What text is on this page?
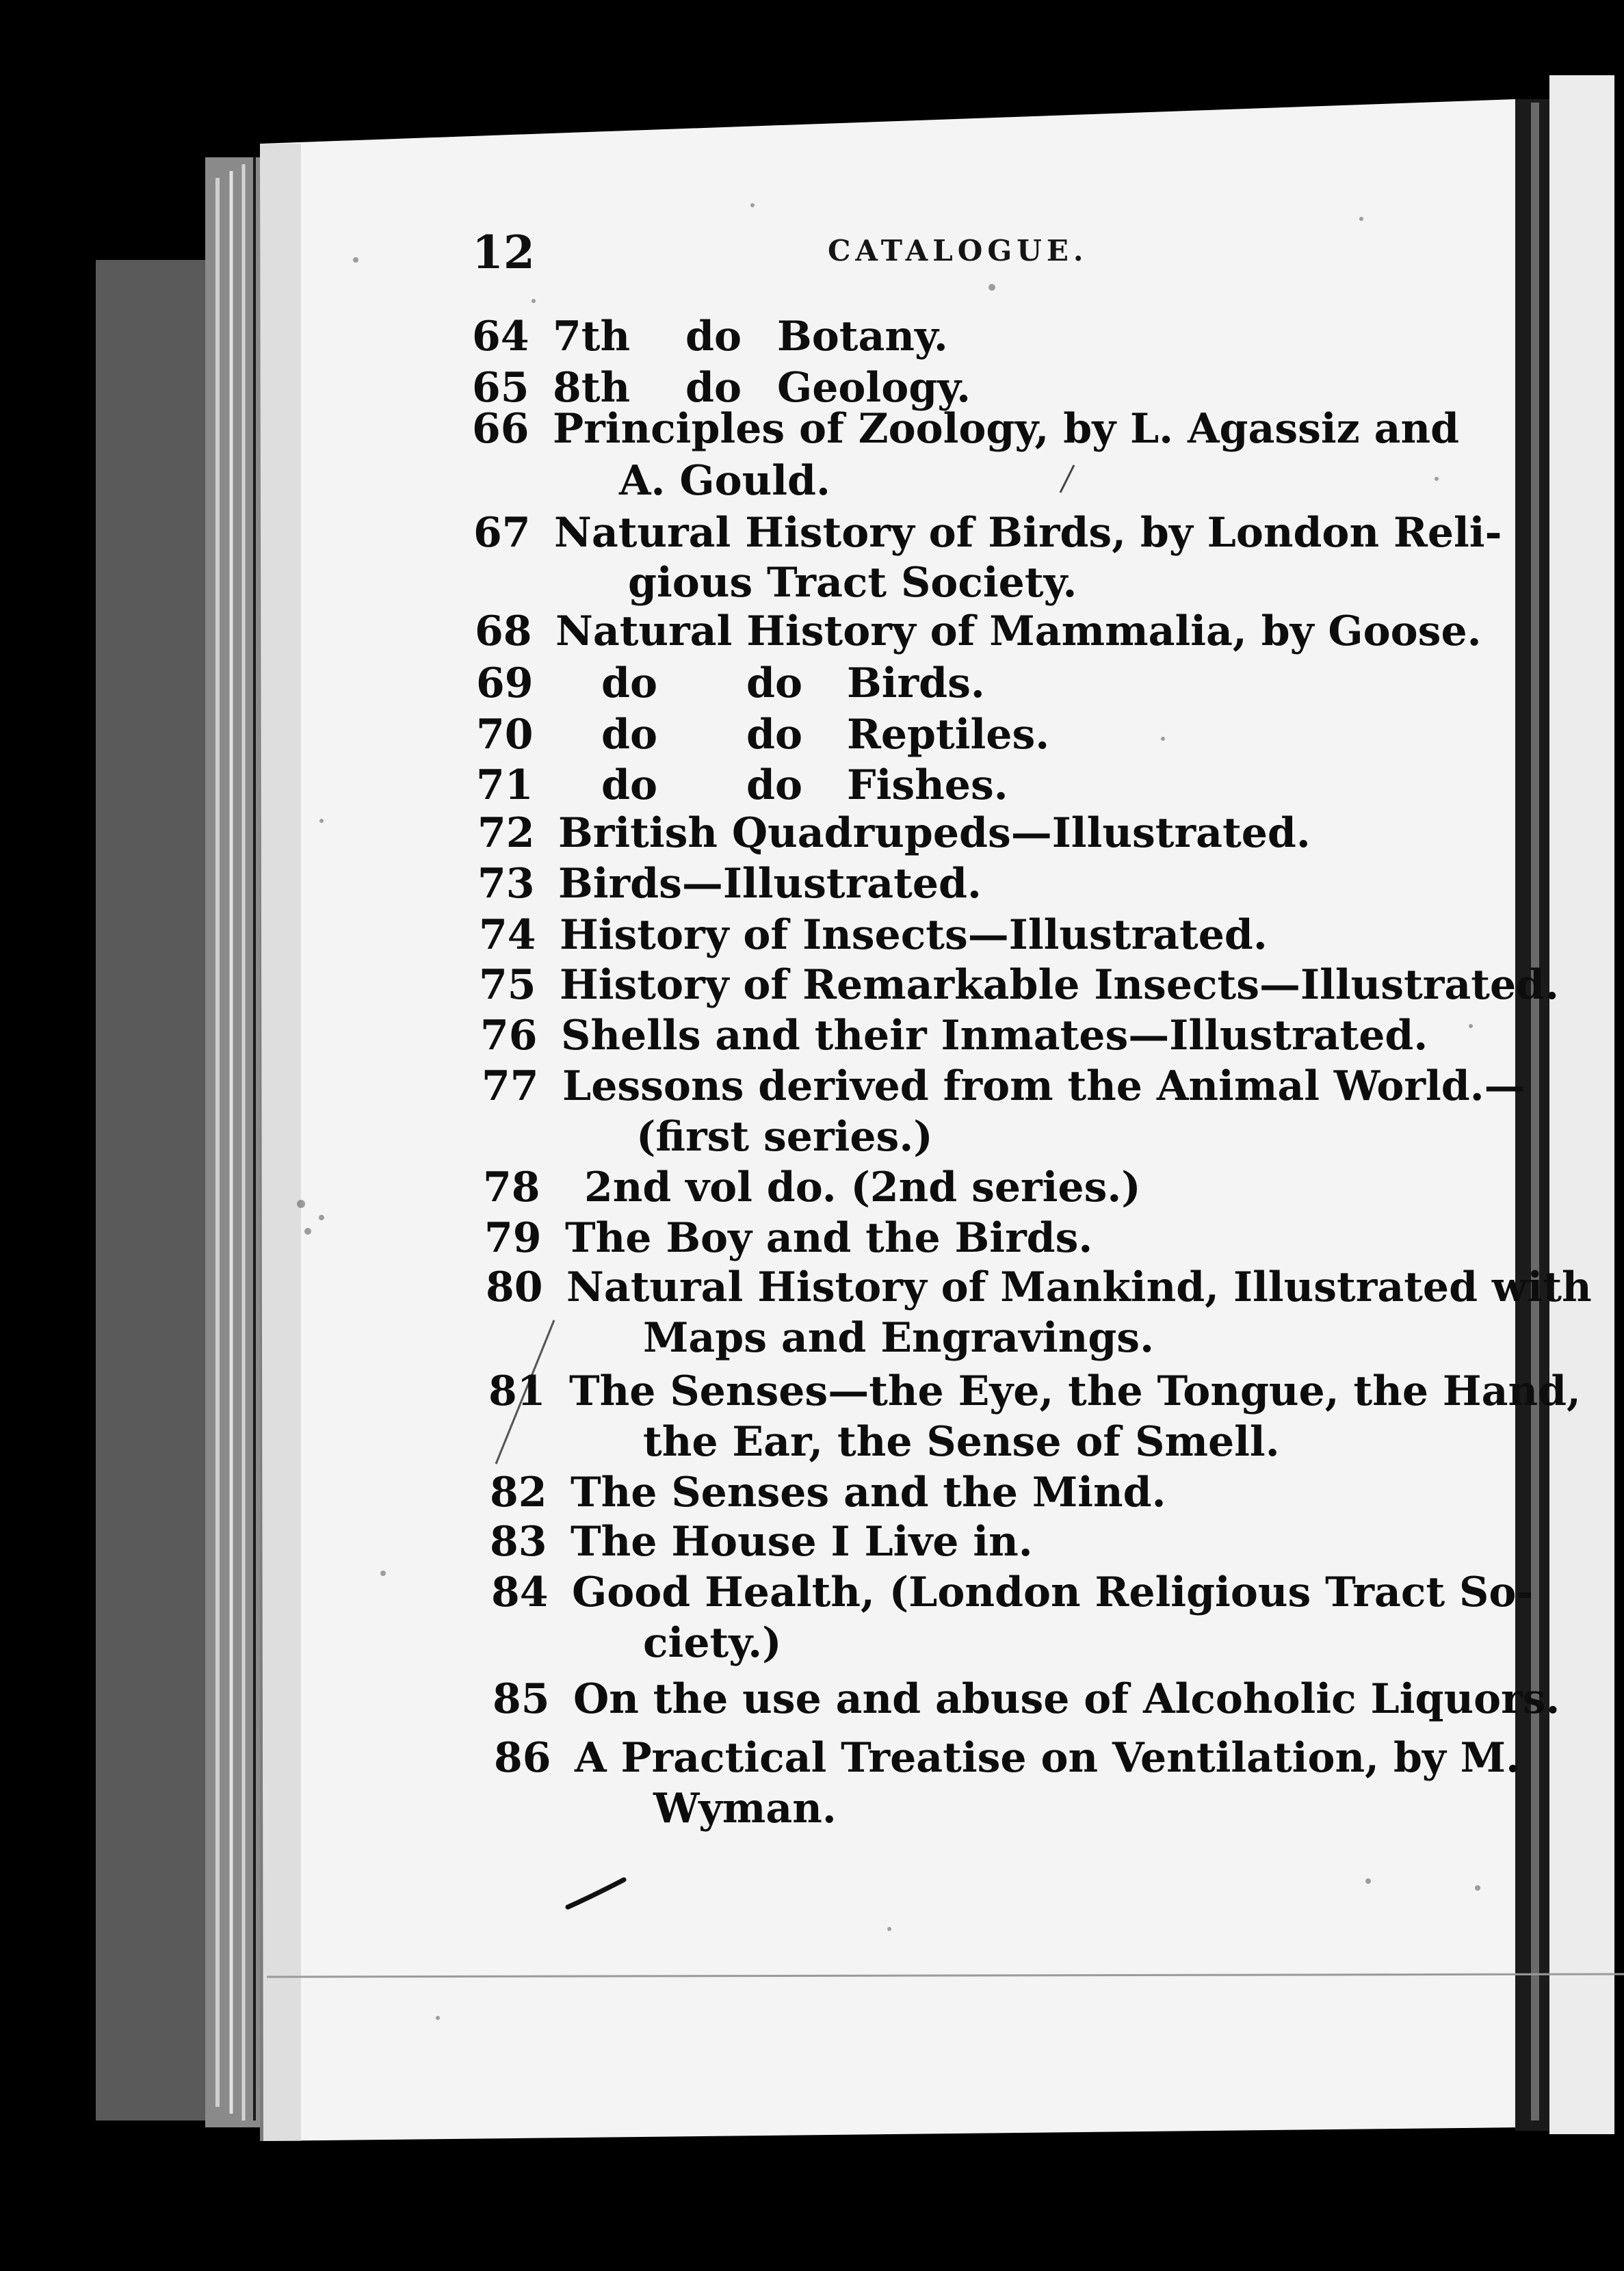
12	CATALOGUE.
64 7th do Botany.
65 8th do Geology.
66 Principles of Zoology, by L. Agassiz and
A. Gould.
67 Natural History of Birds, by London Reli-
gious Tract Society.
68 Natural History of Mammalia, by Goose.
69 do do Birds.
70 do do Reptiles.
71 do do Fishes.
72 British Quadrupeds—Illustrated.
73 Birds—Illustrated.
74 History of Insects—Illustrated.
75 History of Remarkable Insects—Illustrated.
76 Shells and their Inmates—Illustrated.
77 Lessons derived from the Animal World.—
(first series.)
78 2nd vol do. (2nd series.)
79 The Boy and the Birds.
80 Natural History of Mankind, Illustrated with
Maps and Engravings.
81 The Senses—the Eye, the Tongue, the Hand,
the Ear, the Sense of Smell.
82 The Senses and the Mind.
83 The House I Live in.
84 Good Health, (London Religious Tract So-
ciety.)
85 On the use and abuse of Alcoholic Liquors.
86 A Practical Treatise on Ventilation, by M.
Wyman.
